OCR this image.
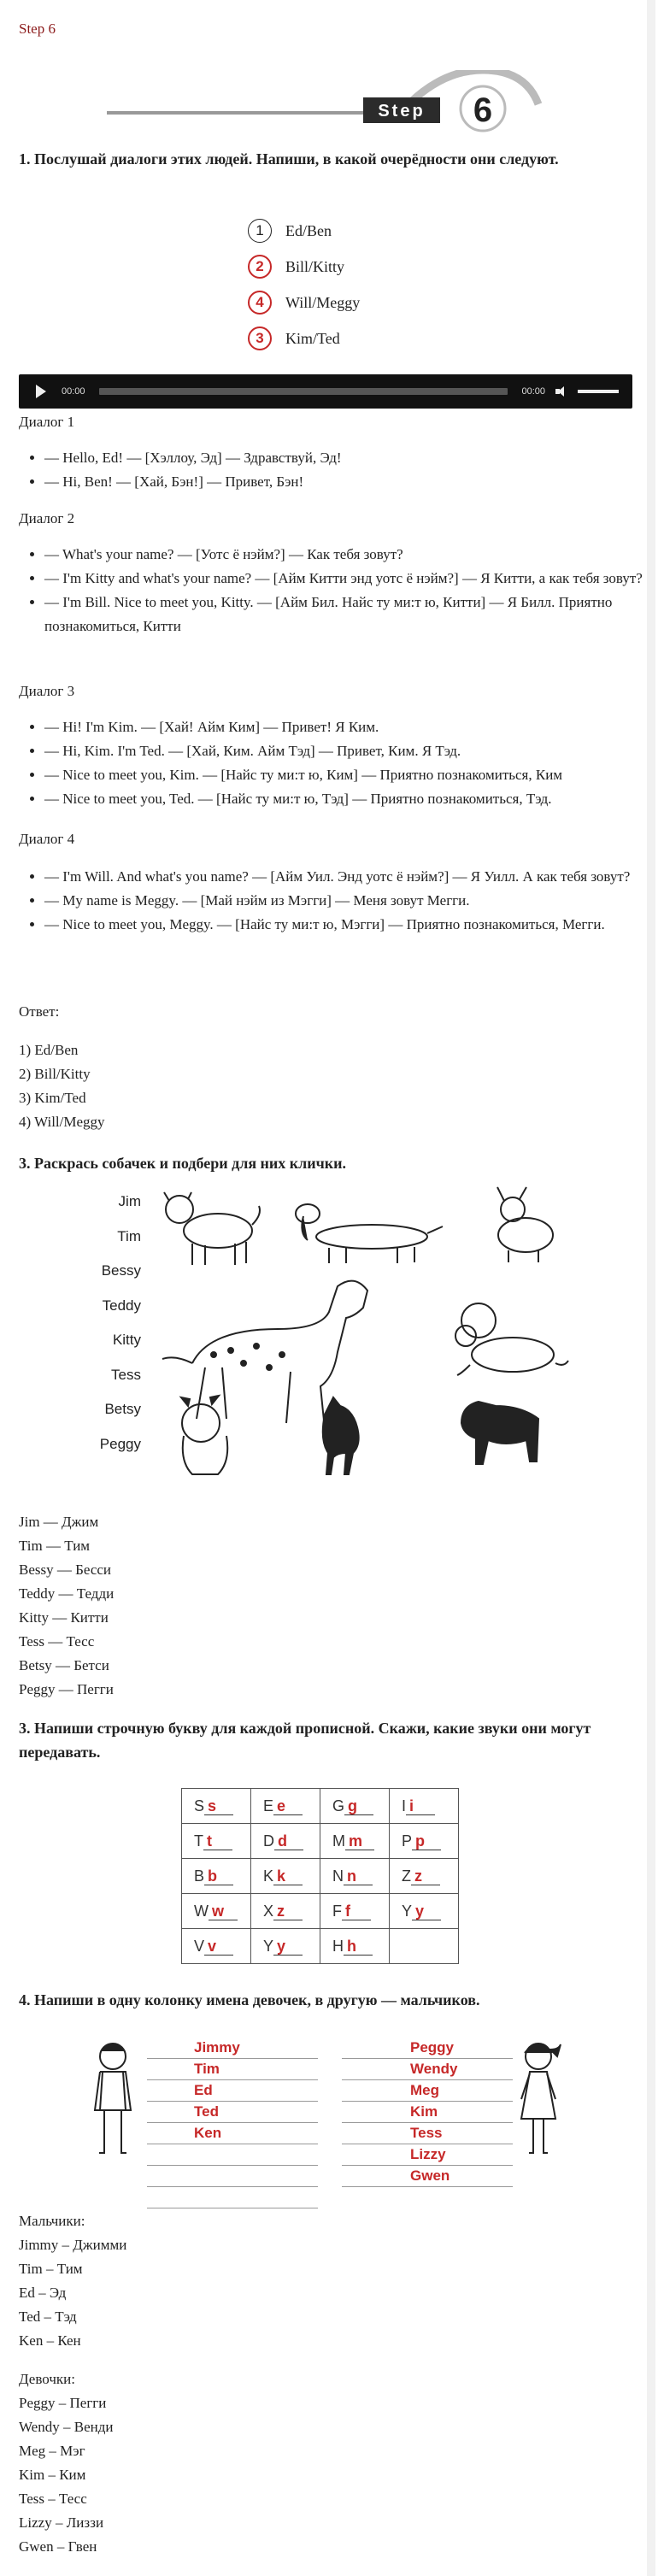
Step 6
Step 6
1. Послушай диалоги этих людей. Напиши, в какой очерёдности они следуют.
1	Ed/Ben
2	Bill/Kitty
4	Will/Meggy
3	Kim/Ted
00:00	00:00
Диалог 1
• — Hello, Ed! — [Хэллоу, Эд] — Здравствуй, Эд!
• — Hi, Ben! — [Хай, Бэн!] — Привет, Бэн!
Диалог 2
• — What's your name? — [Уотс ё нэйм?] — Как тебя зовут?
• — I'm Kitty and what's your name? — [Айм Китти энд уотс ё нэйм?] — Я Китти, а как тебя зовут?
• — I'm Bill. Nice to meet you, Kitty. — [Айм Бил. Найс ту ми:т ю, Китти] — Я Билл. Приятно познакомиться, Китти
Диалог 3
• — Hi! I'm Kim. — [Хай! Айм Ким] — Привет! Я Ким.
• — Hi, Kim. I'm Ted. — [Хай, Ким. Айм Тэд] — Привет, Ким. Я Тэд.
• — Nice to meet you, Kim. — [Найс ту ми:т ю, Ким] — Приятно познакомиться, Ким
• — Nice to meet you, Ted. — [Найс ту ми:т ю, Тэд] — Приятно познакомиться, Тэд.
Диалог 4
• — I'm Will. And what's you name? — [Айм Уил. Энд уотс ё нэйм?] — Я Уилл. А как тебя зовут?
• — My name is Meggy. — [Май нэйм из Мэгги] — Меня зовут Мегги.
• — Nice to meet you, Meggy. — [Найс ту ми:т ю, Мэгги] — Приятно познакомиться, Мегги.
Ответ:
1) Ed/Ben
2) Bill/Kitty
3) Kim/Ted
4) Will/Meggy
3. Раскрась собачек и подбери для них клички.
Jim
Tim
Bessy
Teddy
Kitty
Tess
Betsy
Peggy
Jim — Джим
Tim — Тим
Bessy — Бесси
Teddy — Тедди
Kitty — Китти
Tess — Тесс
Betsy — Бетси
Peggy — Пегги
3. Напиши строчную букву для каждой прописной. Скажи, какие звуки они могут передавать.
S s	E e	G g	I i
T t	D d	M m	P p
B b	K k	N n	Z z
W w	X z	F f	Y y
V v	Y y	H h	
4. Напиши в одну колонку имена девочек, в другую — мальчиков.
Jimmy
Tim
Ed
Ted
Ken
Peggy
Wendy
Meg
Kim
Tess
Lizzy
Gwen
Мальчики:
Jimmy – Джимми
Tim – Тим
Ed – Эд
Ted – Тэд
Ken – Кен
Девочки:
Peggy – Пегги
Wendy – Венди
Meg – Мэг
Kim – Ким
Tess – Тесс
Lizzy – Лиззи
Gwen – Гвен
